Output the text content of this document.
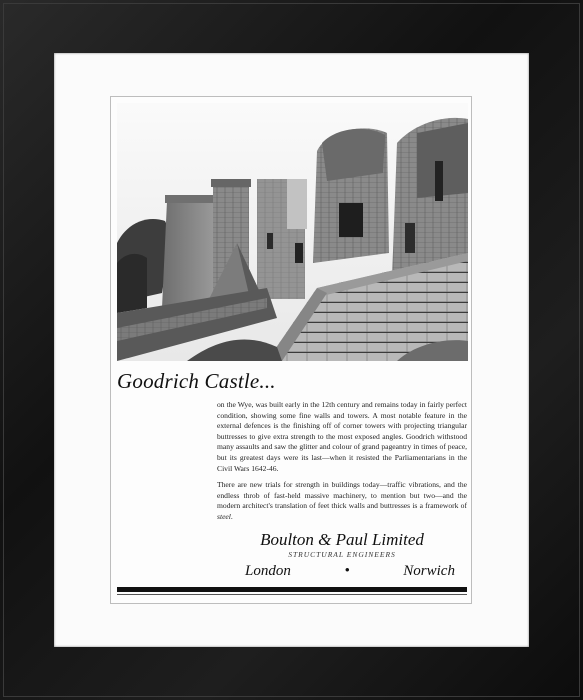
Goodrich Castle...

on the Wye, was built early in the 12th century and remains today in fairly perfect condition, showing some fine walls and towers. A most notable feature in the external defences is the finishing off of corner towers with projecting triangular buttresses to give extra strength to the most exposed angles. Goodrich withstood many assaults and saw the glitter and colour of grand pageantry in times of peace, but its greatest days were its last—when it resisted the Parliamentarians in the Civil Wars 1642-46.

There are new trials for strength in buildings today—traffic vibrations, and the endless throb of fast-held massive machinery, to mention but two—and the modern architect's translation of feet thick walls and buttresses is a framework of steel.

Boulton & Paul Limited
STRUCTURAL ENGINEERS
London	•	Norwich
